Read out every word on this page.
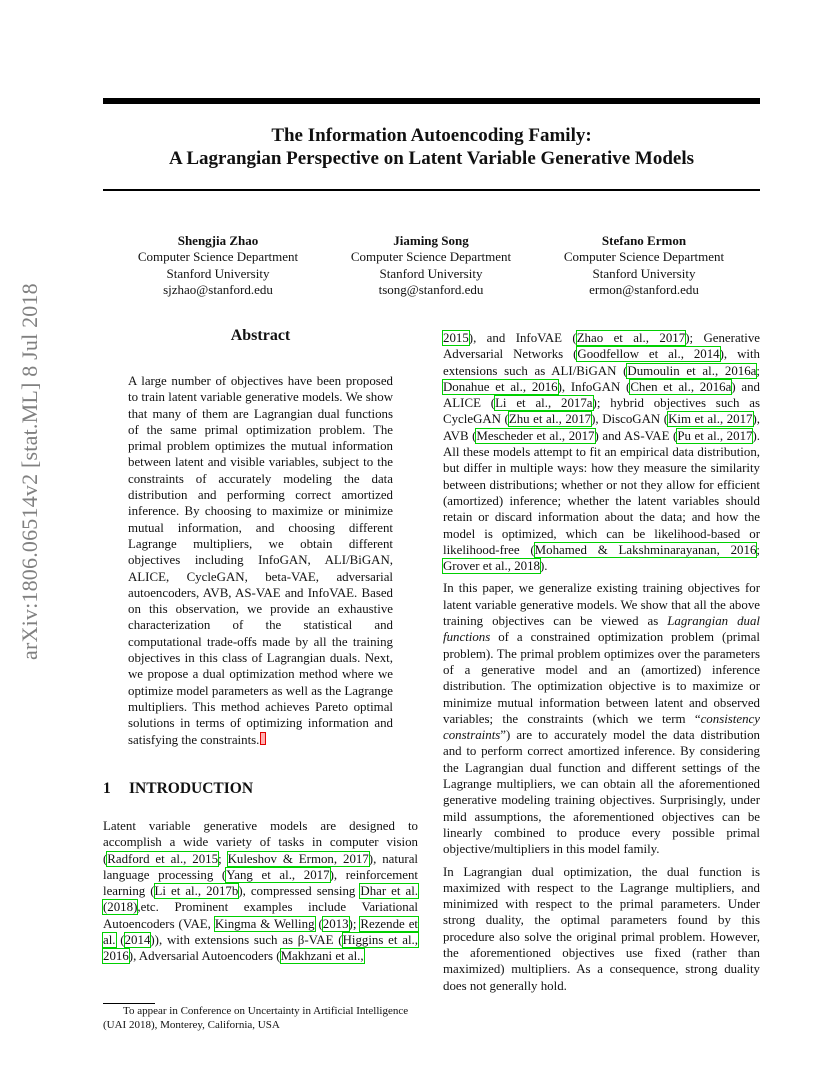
The Information Autoencoding Family:
A Lagrangian Perspective on Latent Variable Generative Models
Shengjia Zhao
Computer Science Department
Stanford University
sjzhao@stanford.edu
Jiaming Song
Computer Science Department
Stanford University
tsong@stanford.edu
Stefano Ermon
Computer Science Department
Stanford University
ermon@stanford.edu
arXiv:1806.06514v2 [stat.ML] 8 Jul 2018	Abstract

A large number of objectives have been proposed to train latent variable generative models. We show that many of them are Lagrangian dual functions of the same primal optimization problem. The primal problem optimizes the mutual information between latent and visible variables, subject to the constraints of accurately modeling the data distribution and performing correct amortized inference. By choosing to maximize or minimize mutual information, and choosing different Lagrange multipliers, we obtain different objectives including InfoGAN, ALI/BiGAN, ALICE, CycleGAN, beta-VAE, adversarial autoencoders, AVB, AS-VAE and InfoVAE. Based on this observation, we provide an exhaustive characterization of the statistical and computational trade-offs made by all the training objectives in this class of Lagrangian duals. Next, we propose a dual optimization method where we optimize model parameters as well as the Lagrange multipliers. This method achieves Pareto optimal solutions in terms of optimizing information and satisfying the constraints.

1 INTRODUCTION

Latent variable generative models are designed to accomplish a wide variety of tasks in computer vision (Radford et al., 2015; Kuleshov & Ermon, 2017), natural language processing (Yang et al., 2017), reinforcement learning (Li et al., 2017b), compressed sensing Dhar et al. (2018),etc. Prominent examples include Variational Autoencoders (VAE, Kingma & Welling (2013); Rezende et al. (2014)), with extensions such as β-VAE (Higgins et al., 2016), Adversarial Autoencoders (Makhzani et al.,

To appear in Conference on Uncertainty in Artificial Intelligence (UAI 2018), Monterey, California, USA

2015), and InfoVAE (Zhao et al., 2017); Generative Adversarial Networks (Goodfellow et al., 2014), with extensions such as ALI/BiGAN (Dumoulin et al., 2016a; Donahue et al., 2016), InfoGAN (Chen et al., 2016a) and ALICE (Li et al., 2017a); hybrid objectives such as CycleGAN (Zhu et al., 2017), DiscoGAN (Kim et al., 2017), AVB (Mescheder et al., 2017) and AS-VAE (Pu et al., 2017). All these models attempt to fit an empirical data distribution, but differ in multiple ways: how they measure the similarity between distributions; whether or not they allow for efficient (amortized) inference; whether the latent variables should retain or discard information about the data; and how the model is optimized, which can be likelihood-based or likelihood-free (Mohamed & Lakshminarayanan, 2016; Grover et al., 2018).

In this paper, we generalize existing training objectives for latent variable generative models. We show that all the above training objectives can be viewed as Lagrangian dual functions of a constrained optimization problem (primal problem). The primal problem optimizes over the parameters of a generative model and an (amortized) inference distribution. The optimization objective is to maximize or minimize mutual information between latent and observed variables; the constraints (which we term “consistency constraints”) are to accurately model the data distribution and to perform correct amortized inference. By considering the Lagrangian dual function and different settings of the Lagrange multipliers, we can obtain all the aforementioned generative modeling training objectives. Surprisingly, under mild assumptions, the aforementioned objectives can be linearly combined to produce every possible primal objective/multipliers in this model family.

In Lagrangian dual optimization, the dual function is maximized with respect to the Lagrange multipliers, and minimized with respect to the primal parameters. Under strong duality, the optimal parameters found by this procedure also solve the original primal problem. However, the aforementioned objectives use fixed (rather than maximized) multipliers. As a consequence, strong duality does not generally hold.
